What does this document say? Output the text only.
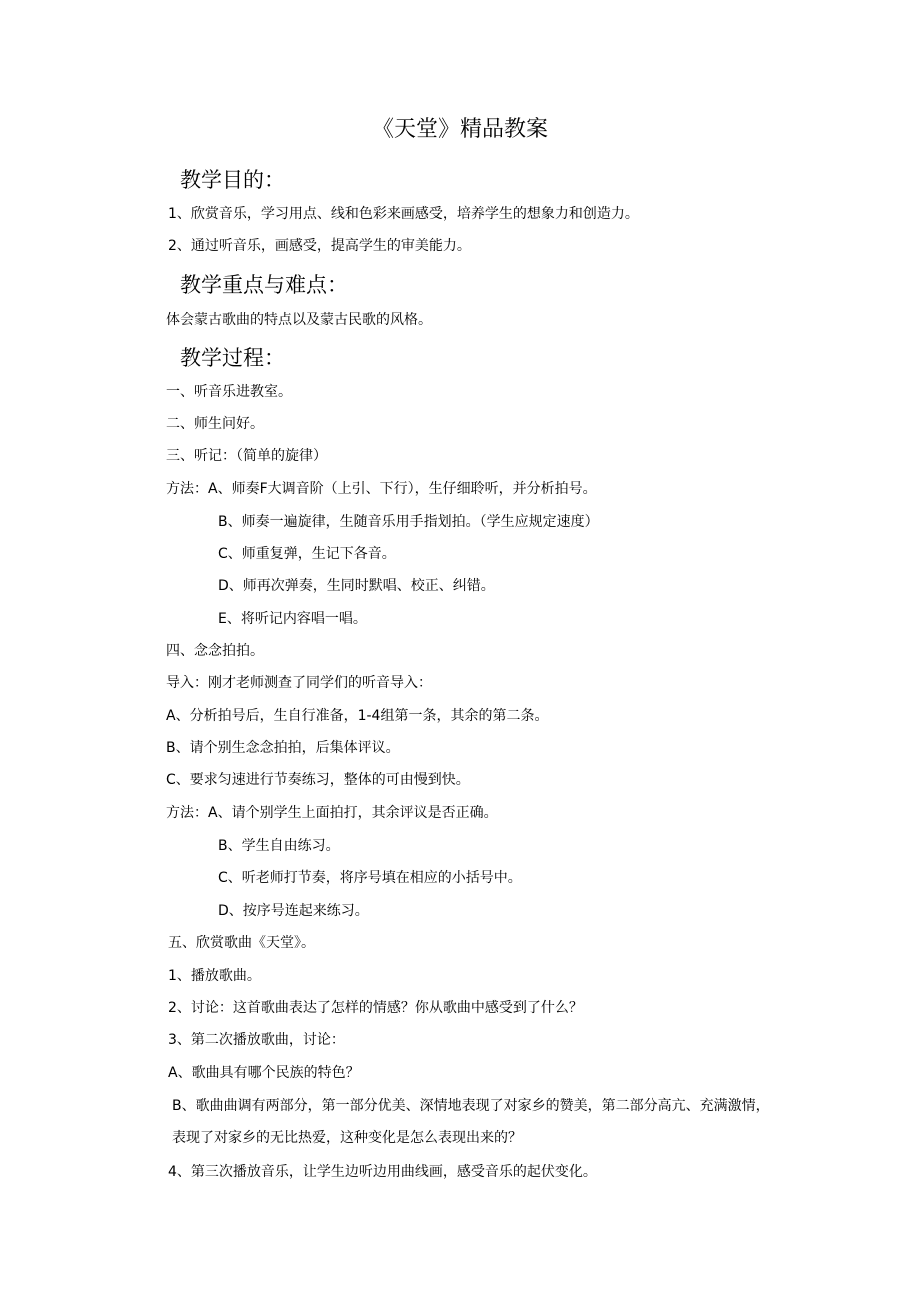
《天堂》精品教案
教学目的：
1、欣赏音乐，学习用点、线和色彩来画感受，培养学生的想象力和创造力。
2、通过听音乐，画感受，提高学生的审美能力。
教学重点与难点：
体会蒙古歌曲的特点以及蒙古民歌的风格。
教学过程：
一、听音乐进教室。
二、师生问好。
三、听记：（简单的旋律）
方法：A、师奏F大调音阶（上引、下行），生仔细聆听，并分析拍号。
B、师奏一遍旋律，生随音乐用手指划拍。（学生应规定速度）
C、师重复弹，生记下各音。
D、师再次弹奏，生同时默唱、校正、纠错。
E、将听记内容唱一唱。
四、念念拍拍。
导入：刚才老师测查了同学们的听音导入：
A、分析拍号后，生自行准备，1-4组第一条，其余的第二条。
B、请个别生念念拍拍，后集体评议。
C、要求匀速进行节奏练习，整体的可由慢到快。
方法：A、请个别学生上面拍打，其余评议是否正确。
B、学生自由练习。
C、听老师打节奏，将序号填在相应的小括号中。
D、按序号连起来练习。
五、欣赏歌曲《天堂》。
1、播放歌曲。
2、讨论：这首歌曲表达了怎样的情感？你从歌曲中感受到了什么？
3、第二次播放歌曲，讨论：
A、歌曲具有哪个民族的特色？
B、歌曲曲调有两部分，第一部分优美、深情地表现了对家乡的赞美，第二部分高亢、充满激情，表现了对家乡的无比热爱，这种变化是怎么表现出来的？
4、第三次播放音乐，让学生边听边用曲线画，感受音乐的起伏变化。
